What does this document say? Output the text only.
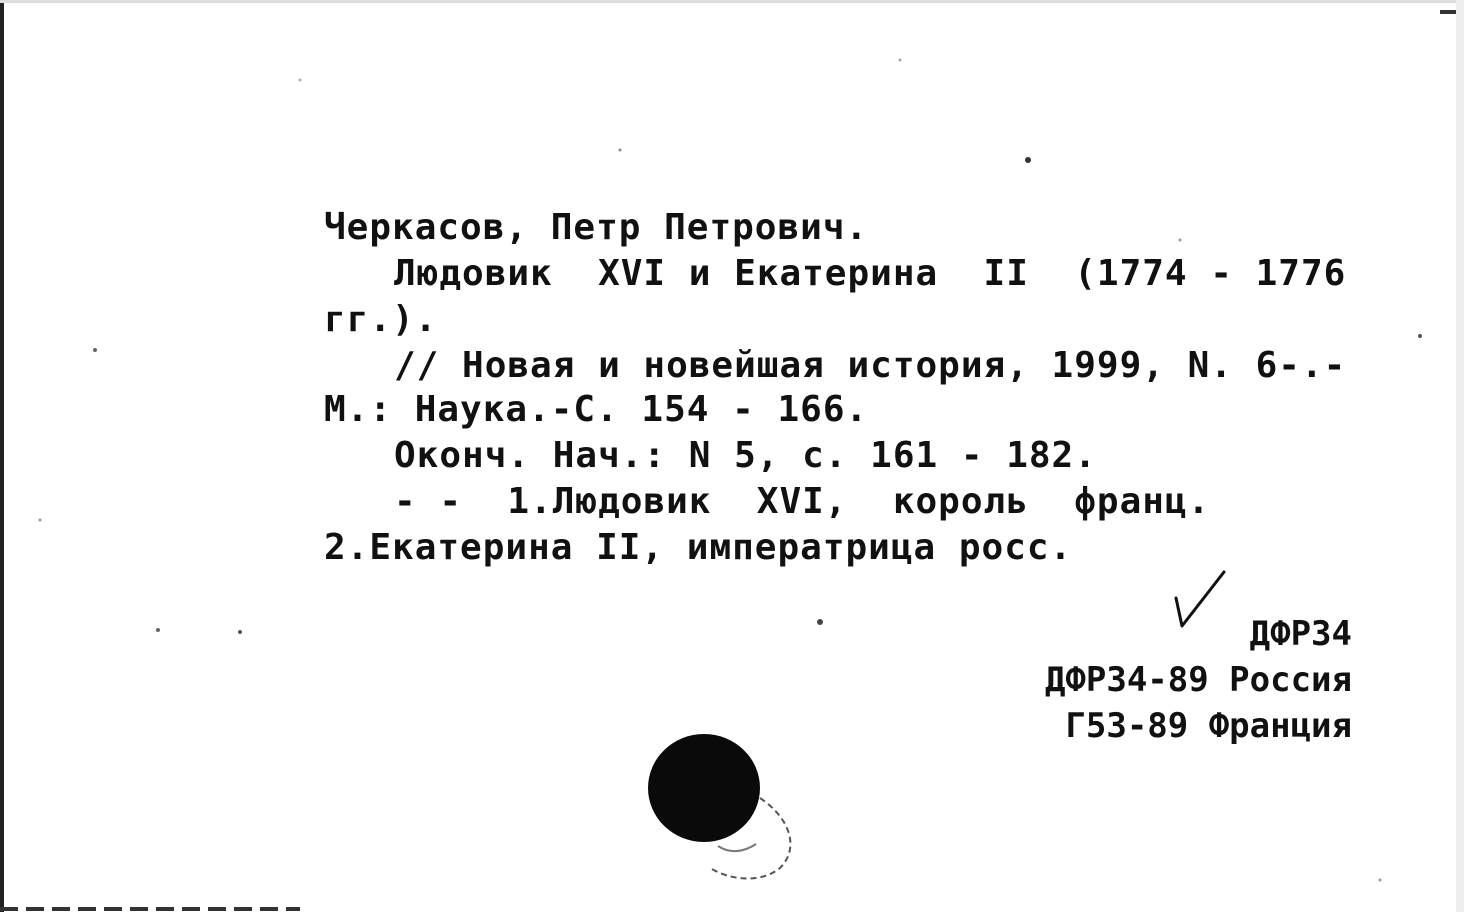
Черкасов, Петр Петрович.
Людовик  XVI и Екатерина  II  (1774 - 1776
гг.).
// Новая и новейшая история, 1999, N. 6-.-
М.: Наука.-С. 154 - 166.
Оконч. Нач.: N 5, с. 161 - 182.
- -  1.Людовик  XVI,  король  франц.
2.Екатерина II, императрица росс.
ДФР34
ДФР34-89 Россия
Г53-89 Франция
